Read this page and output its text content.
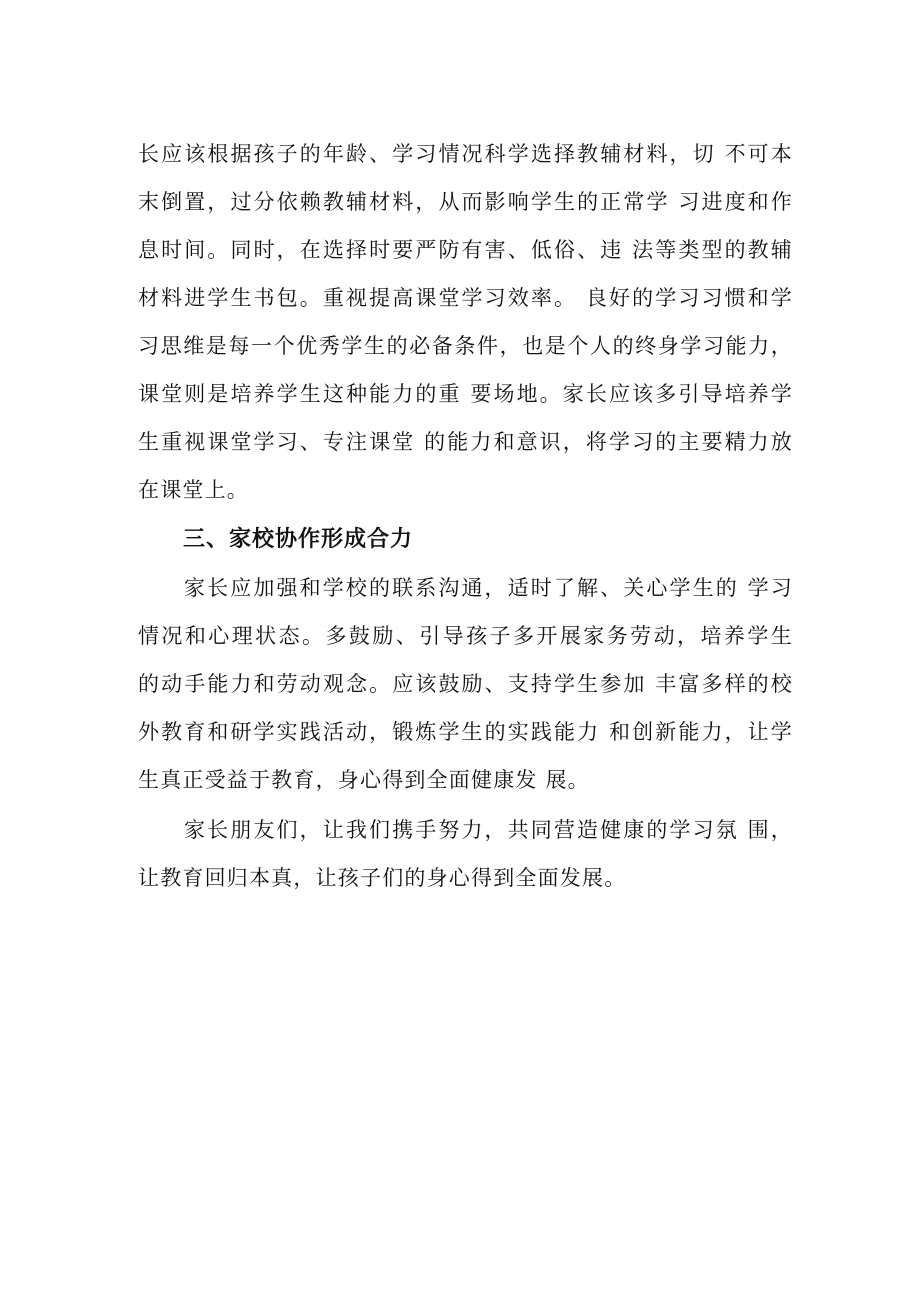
长应该根据孩子的年龄、学习情况科学选择教辅材料，切 不可本
末倒置，过分依赖教辅材料，从而影响学生的正常学 习进度和作
息时间。同时，在选择时要严防有害、低俗、违 法等类型的教辅
材料进学生书包。重视提高课堂学习效率。 良好的学习习惯和学
习思维是每一个优秀学生的必备条件，也是个人的终身学习能力，
课堂则是培养学生这种能力的重 要场地。家长应该多引导培养学
生重视课堂学习、专注课堂 的能力和意识，将学习的主要精力放
在课堂上。
三、家校协作形成合力
家长应加强和学校的联系沟通，适时了解、关心学生的 学习
情况和心理状态。多鼓励、引导孩子多开展家务劳动，培养学生
的动手能力和劳动观念。应该鼓励、支持学生参加 丰富多样的校
外教育和研学实践活动，锻炼学生的实践能力 和创新能力，让学
生真正受益于教育，身心得到全面健康发 展。
家长朋友们，让我们携手努力，共同营造健康的学习氛 围，
让教育回归本真，让孩子们的身心得到全面发展。
